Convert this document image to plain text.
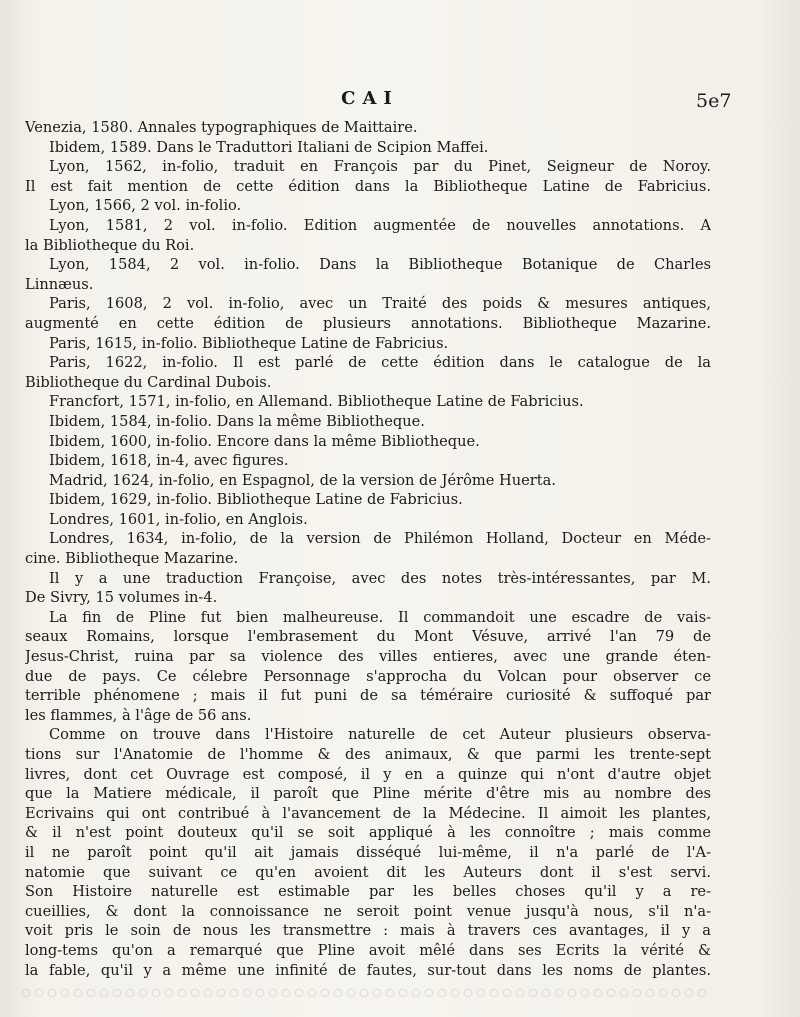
CAI	5e7
Venezia, 1580. Annales typographiques de Maittaire.
Ibidem, 1589. Dans le Traduttori Italiani de Scipion Maffei.
Lyon, 1562, in-folio, traduit en François par du Pinet, Seigneur de Noroy.
Il est fait mention de cette édition dans la Bibliotheque Latine de Fabricius.
Lyon, 1566, 2 vol. in-folio.
Lyon, 1581, 2 vol. in-folio. Edition augmentée de nouvelles annotations. A
la Bibliotheque du Roi.
Lyon, 1584, 2 vol. in-folio. Dans la Bibliotheque Botanique de Charles
Linnæus.
Paris, 1608, 2 vol. in-folio, avec un Traité des poids & mesures antiques,
augmenté en cette édition de plusieurs annotations. Bibliotheque Mazarine.
Paris, 1615, in-folio. Bibliotheque Latine de Fabricius.
Paris, 1622, in-folio. Il est parlé de cette édition dans le catalogue de la
Bibliotheque du Cardinal Dubois.
Francfort, 1571, in-folio, en Allemand. Bibliotheque Latine de Fabricius.
Ibidem, 1584, in-folio. Dans la même Bibliotheque.
Ibidem, 1600, in-folio. Encore dans la même Bibliotheque.
Ibidem, 1618, in-4, avec figures.
Madrid, 1624, in-folio, en Espagnol, de la version de Jérôme Huerta.
Ibidem, 1629, in-folio. Bibliotheque Latine de Fabricius.
Londres, 1601, in-folio, en Anglois.
Londres, 1634, in-folio, de la version de Philémon Holland, Docteur en Méde-
cine. Bibliotheque Mazarine.
Il y a une traduction Françoise, avec des notes très-intéressantes, par M.
De Sivry, 15 volumes in-4.
La fin de Pline fut bien malheureuse. Il commandoit une escadre de vais-
seaux Romains, lorsque l'embrasement du Mont Vésuve, arrivé l'an 79 de
Jesus-Christ, ruina par sa violence des villes entieres, avec une grande éten-
due de pays. Ce célebre Personnage s'approcha du Volcan pour observer ce
terrible phénomene ; mais il fut puni de sa téméraire curiosité & suffoqué par
les flammes, à l'âge de 56 ans.
Comme on trouve dans l'Histoire naturelle de cet Auteur plusieurs observa-
tions sur l'Anatomie de l'homme & des animaux, & que parmi les trente-sept
livres, dont cet Ouvrage est composé, il y en a quinze qui n'ont d'autre objet
que la Matiere médicale, il paroît que Pline mérite d'être mis au nombre des
Ecrivains qui ont contribué à l'avancement de la Médecine. Il aimoit les plantes,
& il n'est point douteux qu'il se soit appliqué à les connoître ; mais comme
il ne paroît point qu'il ait jamais disséqué lui-même, il n'a parlé de l'A-
natomie que suivant ce qu'en avoient dit les Auteurs dont il s'est servi.
Son Histoire naturelle est estimable par les belles choses qu'il y a re-
cueillies, & dont la connoissance ne seroit point venue jusqu'à nous, s'il n'a-
voit pris le soin de nous les transmettre : mais à travers ces avantages, il y a
long-tems qu'on a remarqué que Pline avoit mêlé dans ses Ecrits la vérité &
la fable, qu'il y a même une infinité de fautes, sur-tout dans les noms de plantes.
